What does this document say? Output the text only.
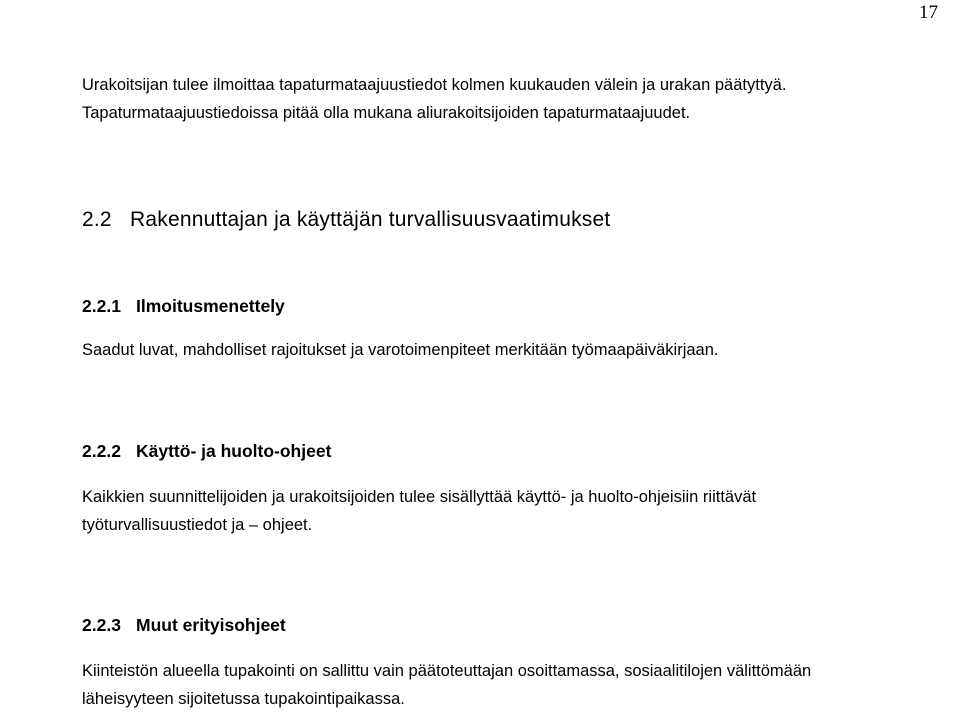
17
Urakoitsijan tulee ilmoittaa tapaturmataajuustiedot kolmen kuukauden välein ja urakan päätyttyä.
Tapaturmataajuustiedoissa pitää olla mukana aliurakoitsijoiden tapaturmataajuudet.
2.2 Rakennuttajan ja käyttäjän turvallisuusvaatimukset
2.2.1 Ilmoitusmenettely
Saadut luvat, mahdolliset rajoitukset ja varotoimenpiteet merkitään työmaapäiväkirjaan.
2.2.2 Käyttö- ja huolto-ohjeet
Kaikkien suunnittelijoiden ja urakoitsijoiden tulee sisällyttää käyttö- ja huolto-ohjeisiin riittävät
työturvallisuustiedot ja – ohjeet.
2.2.3 Muut erityisohjeet
Kiinteistön alueella tupakointi on sallittu vain päätoteuttajan osoittamassa, sosiaalitilojen välittömään
läheisyyteen sijoitetussa tupakointipaikassa.
